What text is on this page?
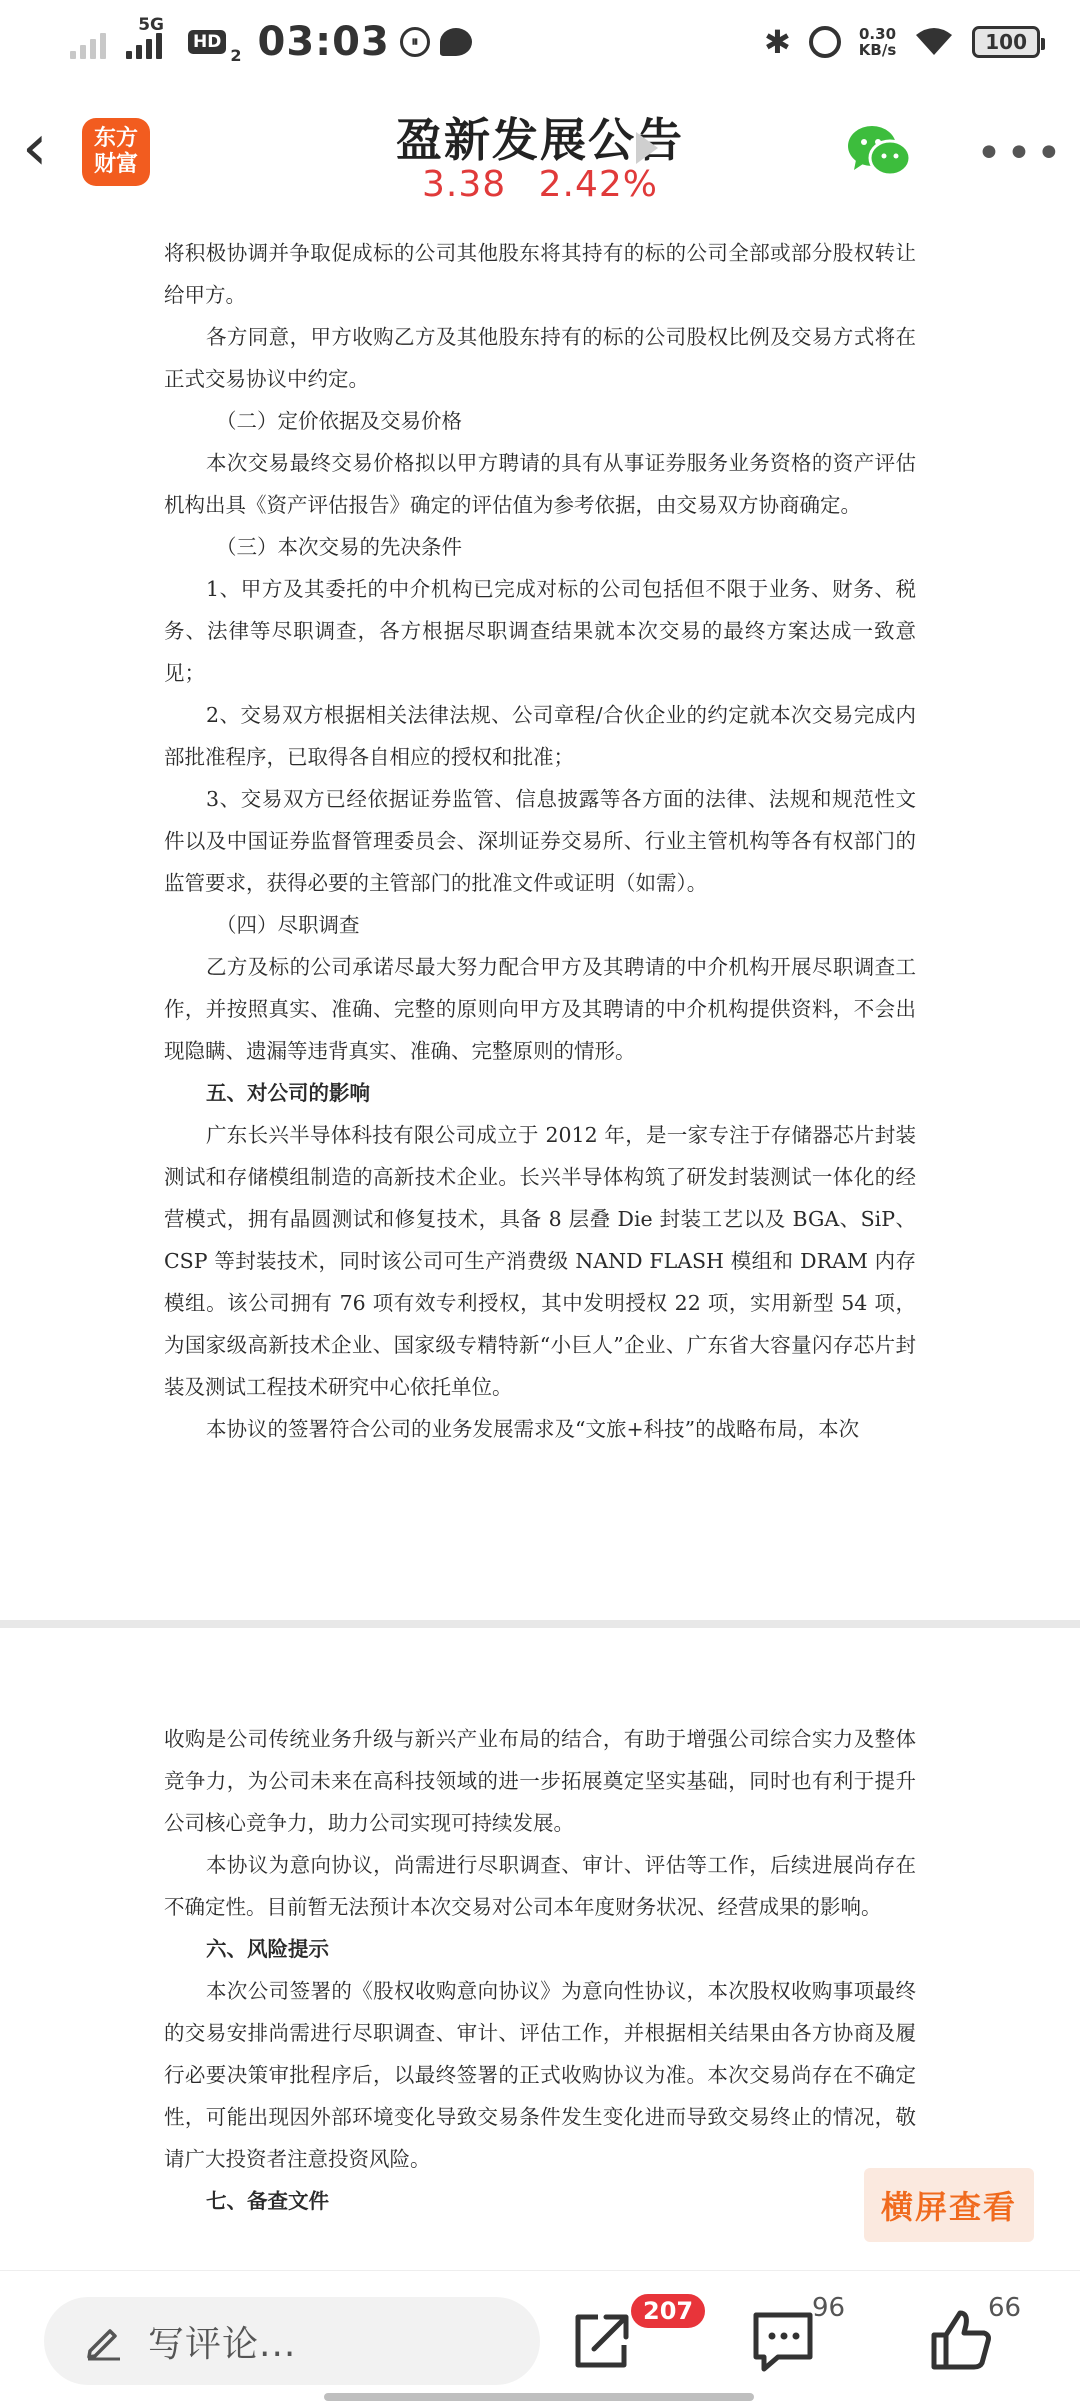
5G
HD
2 03:03	⏸	✱	0.30
KB/s	100
‹	东方
财富	盈新发展公告
3.38 2.42%
•••

将积极协调并争取促成标的公司其他股东将其持有的标的公司全部或部分股权转让给甲方。

各方同意，甲方收购乙方及其他股东持有的标的公司股权比例及交易方式将在正式交易协议中约定。

（二）定价依据及交易价格

本次交易最终交易价格拟以甲方聘请的具有从事证券服务业务资格的资产评估机构出具《资产评估报告》确定的评估值为参考依据，由交易双方协商确定。

（三）本次交易的先决条件

1、甲方及其委托的中介机构已完成对标的公司包括但不限于业务、财务、税务、法律等尽职调查，各方根据尽职调查结果就本次交易的最终方案达成一致意见；

2、交易双方根据相关法律法规、公司章程/合伙企业的约定就本次交易完成内部批准程序，已取得各自相应的授权和批准；

3、交易双方已经依据证券监管、信息披露等各方面的法律、法规和规范性文件以及中国证券监督管理委员会、深圳证券交易所、行业主管机构等各有权部门的监管要求，获得必要的主管部门的批准文件或证明（如需）。

（四）尽职调查

乙方及标的公司承诺尽最大努力配合甲方及其聘请的中介机构开展尽职调查工作，并按照真实、准确、完整的原则向甲方及其聘请的中介机构提供资料，不会出现隐瞒、遗漏等违背真实、准确、完整原则的情形。

五、对公司的影响

广东长兴半导体科技有限公司成立于 2012 年，是一家专注于存储器芯片封装测试和存储模组制造的高新技术企业。长兴半导体构筑了研发封装测试一体化的经营模式，拥有晶圆测试和修复技术，具备 8 层叠 Die 封装工艺以及 BGA、SiP、CSP 等封装技术，同时该公司可生产消费级 NAND FLASH 模组和 DRAM 内存模组。该公司拥有 76 项有效专利授权，其中发明授权 22 项，实用新型 54 项，为国家级高新技术企业、国家级专精特新“小巨人”企业、广东省大容量闪存芯片封装及测试工程技术研究中心依托单位。

本协议的签署符合公司的业务发展需求及“文旅+科技”的战略布局，本次

收购是公司传统业务升级与新兴产业布局的结合，有助于增强公司综合实力及整体竞争力，为公司未来在高科技领域的进一步拓展奠定坚实基础，同时也有利于提升公司核心竞争力，助力公司实现可持续发展。

本协议为意向协议，尚需进行尽职调查、审计、评估等工作，后续进展尚存在不确定性。目前暂无法预计本次交易对公司本年度财务状况、经营成果的影响。

六、风险提示

本次公司签署的《股权收购意向协议》为意向性协议，本次股权收购事项最终的交易安排尚需进行尽职调查、审计、评估工作，并根据相关结果由各方协商及履行必要决策审批程序后，以最终签署的正式收购协议为准。本次交易尚存在不确定性，可能出现因外部环境变化导致交易条件发生变化进而导致交易终止的情况，敬请广大投资者注意投资风险。

七、备查文件	横屏查看
写评论...
207	96	66
